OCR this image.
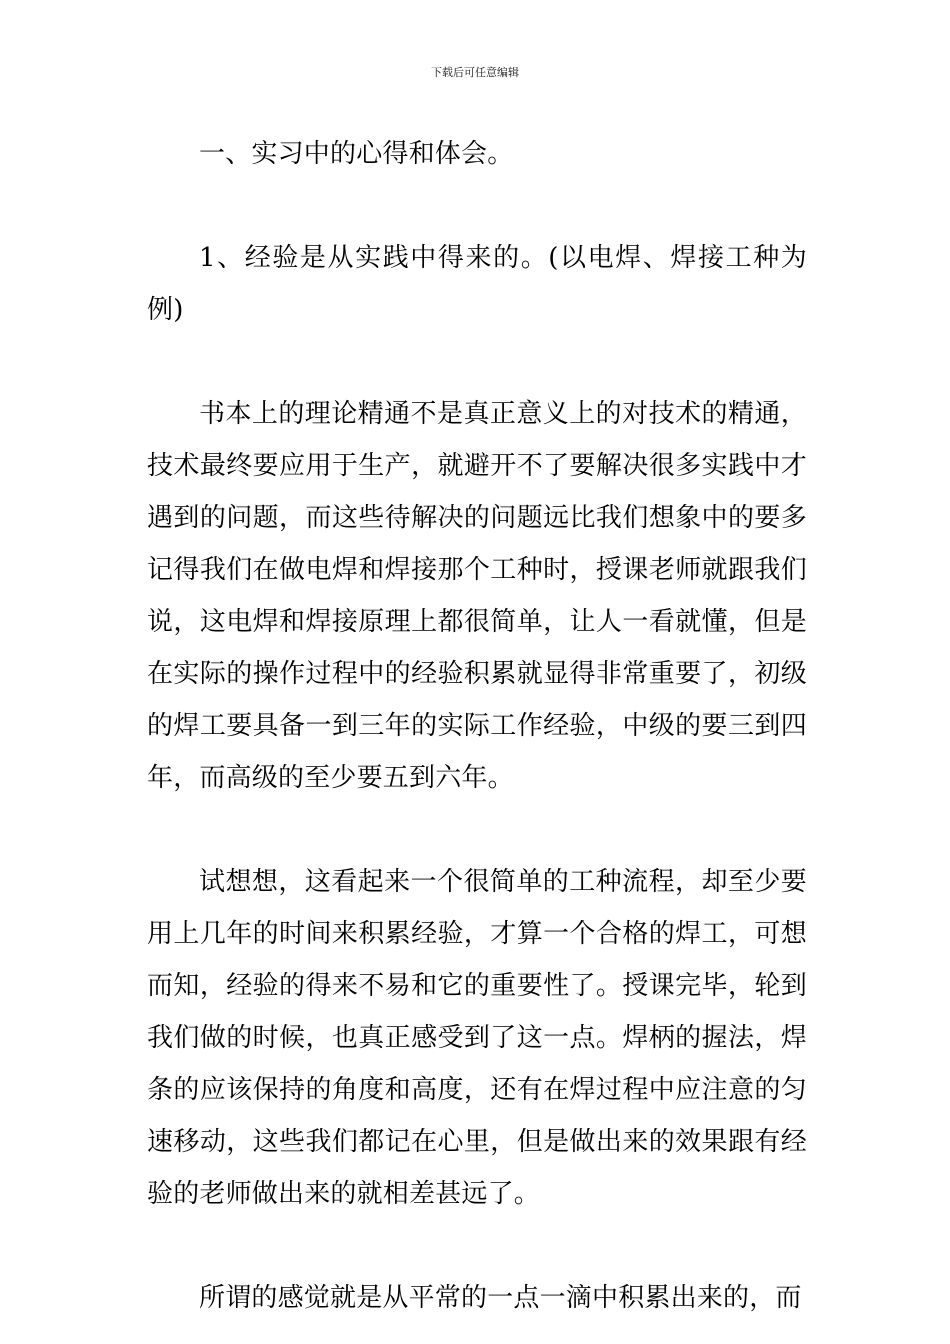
下载后可任意编辑

一、实习中的心得和体会。

1、经验是从实践中得来的。(以电焊、焊接工种为例)

书本上的理论精通不是真正意义上的对技术的精通，技术最终要应用于生产，就避开不了要解决很多实践中才遇到的问题，而这些待解决的问题远比我们想象中的要多记得我们在做电焊和焊接那个工种时，授课老师就跟我们说，这电焊和焊接原理上都很简单，让人一看就懂，但是在实际的操作过程中的经验积累就显得非常重要了，初级的焊工要具备一到三年的实际工作经验，中级的要三到四年，而高级的至少要五到六年。

试想想，这看起来一个很简单的工种流程，却至少要用上几年的时间来积累经验，才算一个合格的焊工，可想而知，经验的得来不易和它的重要性了。授课完毕，轮到我们做的时候，也真正感受到了这一点。焊柄的握法，焊条的应该保持的角度和高度，还有在焊过程中应注意的匀速移动，这些我们都记在心里，但是做出来的效果跟有经验的老师做出来的就相差甚远了。

所谓的感觉就是从平常的一点一滴中积累出来的，而
